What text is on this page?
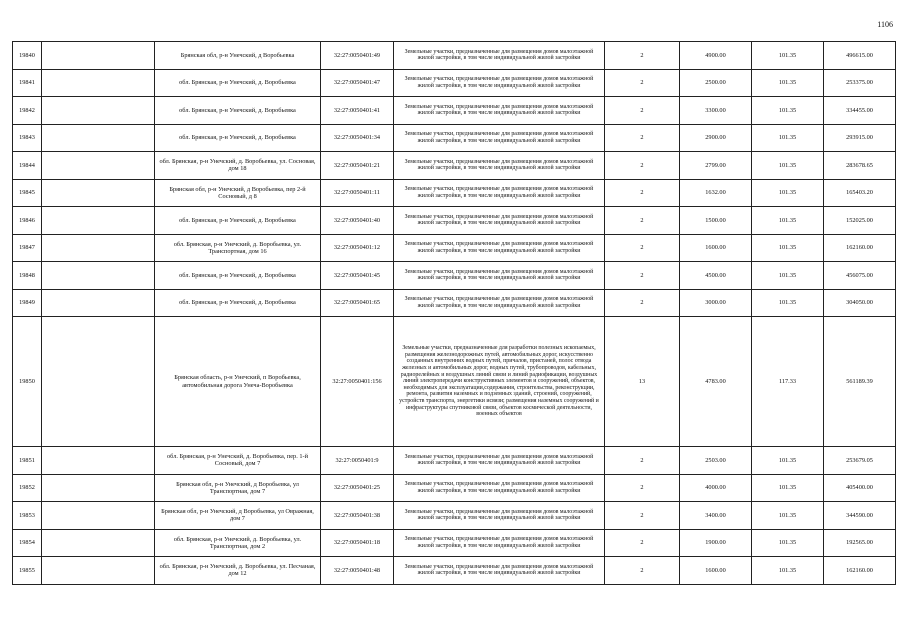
1106
19840		Брянская обл, р-н Унечский, д Воробьевка	32:27:0050401:49	Земельные участки, предназначенные для размещения домов малоэтажной жилой застройки, в том числе индивидуальной жилой застройки	2	4900.00	101.35	496615.00
19841		обл. Брянская, р-н Унечский, д. Воробьевка	32:27:0050401:47	Земельные участки, предназначенные для размещения домов малоэтажной жилой застройки, в том числе индивидуальной жилой застройки	2	2500.00	101.35	253375.00
19842		обл. Брянская, р-н Унечский, д. Воробьевка	32:27:0050401:41	Земельные участки, предназначенные для размещения домов малоэтажной жилой застройки, в том числе индивидуальной жилой застройки	2	3300.00	101.35	334455.00
19843		обл. Брянская, р-н Унечский, д. Воробьевка	32:27:0050401:34	Земельные участки, предназначенные для размещения домов малоэтажной жилой застройки, в том числе индивидуальной жилой застройки	2	2900.00	101.35	293915.00
19844		обл. Брянская, р-н Унечский, д. Воробьевка, ул. Сосновая, дом 18	32:27:0050401:21	Земельные участки, предназначенные для размещения домов малоэтажной жилой застройки, в том числе индивидуальной жилой застройки	2	2799.00	101.35	283678.65
19845		Брянская обл, р-н Унечский, д Воробьевка, пер 2-й Сосновый, д 8	32:27:0050401:11	Земельные участки, предназначенные для размещения домов малоэтажной жилой застройки, в том числе индивидуальной жилой застройки	2	1632.00	101.35	165403.20
19846		обл. Брянская, р-н Унечский, д. Воробьевка	32:27:0050401:40	Земельные участки, предназначенные для размещения домов малоэтажной жилой застройки, в том числе индивидуальной жилой застройки	2	1500.00	101.35	152025.00
19847		обл. Брянская, р-н Унечский, д. Воробьевка, ул. Транспортная, дом 16	32:27:0050401:12	Земельные участки, предназначенные для размещения домов малоэтажной жилой застройки, в том числе индивидуальной жилой застройки	2	1600.00	101.35	162160.00
19848		обл. Брянская, р-н Унечский, д. Воробьевка	32:27:0050401:45	Земельные участки, предназначенные для размещения домов малоэтажной жилой застройки, в том числе индивидуальной жилой застройки	2	4500.00	101.35	456075.00
19849		обл. Брянская, р-н Унечский, д. Воробьевка	32:27:0050401:65	Земельные участки, предназначенные для размещения домов малоэтажной жилой застройки, в том числе индивидуальной жилой застройки	2	3000.00	101.35	304050.00
19850		Брянская область, р-н Унечский, п Воробьевка, автомобильная дорога Унеча-Воробьевка	32:27:0050401:156	Земельные участки, предназначенные для разработки полезных ископаемых, размещения железнодорожных путей, автомобильных дорог, искусственно созданных внутренних водных путей, причалов, пристаней, полос отвода железных и автомобильных дорог, водных путей, трубопроводов, кабельных, радиорелейных и воздушных линий связи и линий радиофикации, воздушных линий электропередачи конструктивных элементов и сооружений, объектов, необходимых для эксплуатации,содержания, строительства, реконструкции, ремонта, развития наземных и подземных зданий, строений, сооружений, устройств транспорта, энергетики исвязи; размещения наземных сооружений и инфраструктуры спутниковой связи, объектов космической деятельности, военных объектов	13	4783.00	117.33	561189.39
19851		обл. Брянская, р-н Унечский, д. Воробьевка, пер. 1-й Сосновый, дом 7	32:27:0050401:9	Земельные участки, предназначенные для размещения домов малоэтажной жилой застройки, в том числе индивидуальной жилой застройки	2	2503.00	101.35	253679.05
19852		Брянская обл, р-н Унечский, д Воробьевка, ул Транспортная, дом 7	32:27:0050401:25	Земельные участки, предназначенные для размещения домов малоэтажной жилой застройки, в том числе индивидуальной жилой застройки	2	4000.00	101.35	405400.00
19853		Брянская обл, р-н Унечский, д Воробьевка, ул Овражная, дом 7	32:27:0050401:38	Земельные участки, предназначенные для размещения домов малоэтажной жилой застройки, в том числе индивидуальной жилой застройки	2	3400.00	101.35	344590.00
19854		обл. Брянская, р-н Унечский, д. Воробьевка, ул. Транспортная, дом 2	32:27:0050401:18	Земельные участки, предназначенные для размещения домов малоэтажной жилой застройки, в том числе индивидуальной жилой застройки	2	1900.00	101.35	192565.00
19855		обл. Брянская, р-н Унечский, д. Воробьевка, ул. Песчаная, дом 12	32:27:0050401:48	Земельные участки, предназначенные для размещения домов малоэтажной жилой застройки, в том числе индивидуальной жилой застройки	2	1600.00	101.35	162160.00
